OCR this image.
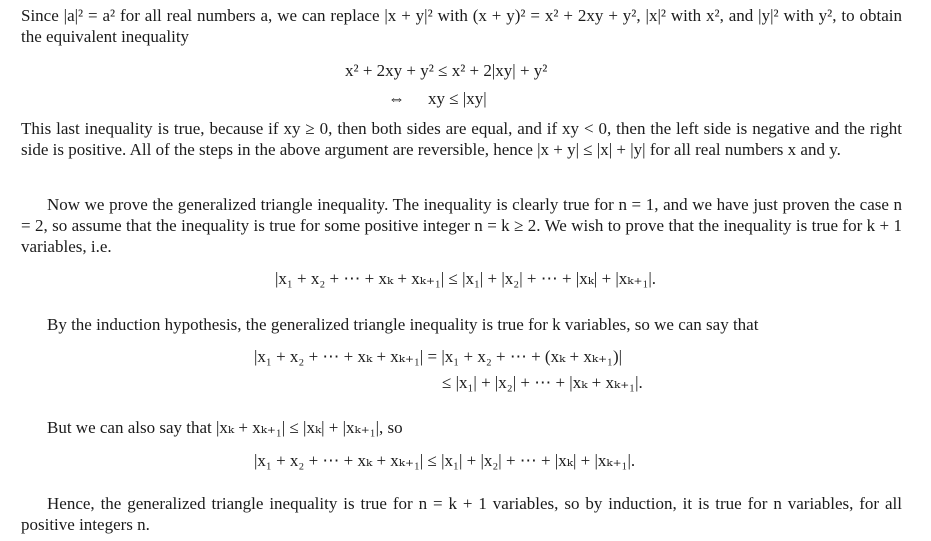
Since |a|² = a² for all real numbers a, we can replace |x + y|² with (x + y)² = x² + 2xy + y², |x|² with x², and |y|² with y², to obtain the equivalent inequality

x² + 2xy + y² ≤ x² + 2|xy| + y²
⇔ xy ≤ |xy|

This last inequality is true, because if xy ≥ 0, then both sides are equal, and if xy < 0, then the left side is negative and the right side is positive. All of the steps in the above argument are reversible, hence |x + y| ≤ |x| + |y| for all real numbers x and y.

Now we prove the generalized triangle inequality. The inequality is clearly true for n = 1, and we have just proven the case n = 2, so assume that the inequality is true for some positive integer n = k ≥ 2. We wish to prove that the inequality is true for k + 1 variables, i.e.

|x₁ + x₂ + ⋯ + xₖ + xₖ₊₁| ≤ |x₁| + |x₂| + ⋯ + |xₖ| + |xₖ₊₁|.

By the induction hypothesis, the generalized triangle inequality is true for k variables, so we can say that

|x₁ + x₂ + ⋯ + xₖ + xₖ₊₁| = |x₁ + x₂ + ⋯ + (xₖ + xₖ₊₁)|
≤ |x₁| + |x₂| + ⋯ + |xₖ + xₖ₊₁|.

But we can also say that |xₖ + xₖ₊₁| ≤ |xₖ| + |xₖ₊₁|, so

|x₁ + x₂ + ⋯ + xₖ + xₖ₊₁| ≤ |x₁| + |x₂| + ⋯ + |xₖ| + |xₖ₊₁|.

Hence, the generalized triangle inequality is true for n = k + 1 variables, so by induction, it is true for n variables, for all positive integers n.
